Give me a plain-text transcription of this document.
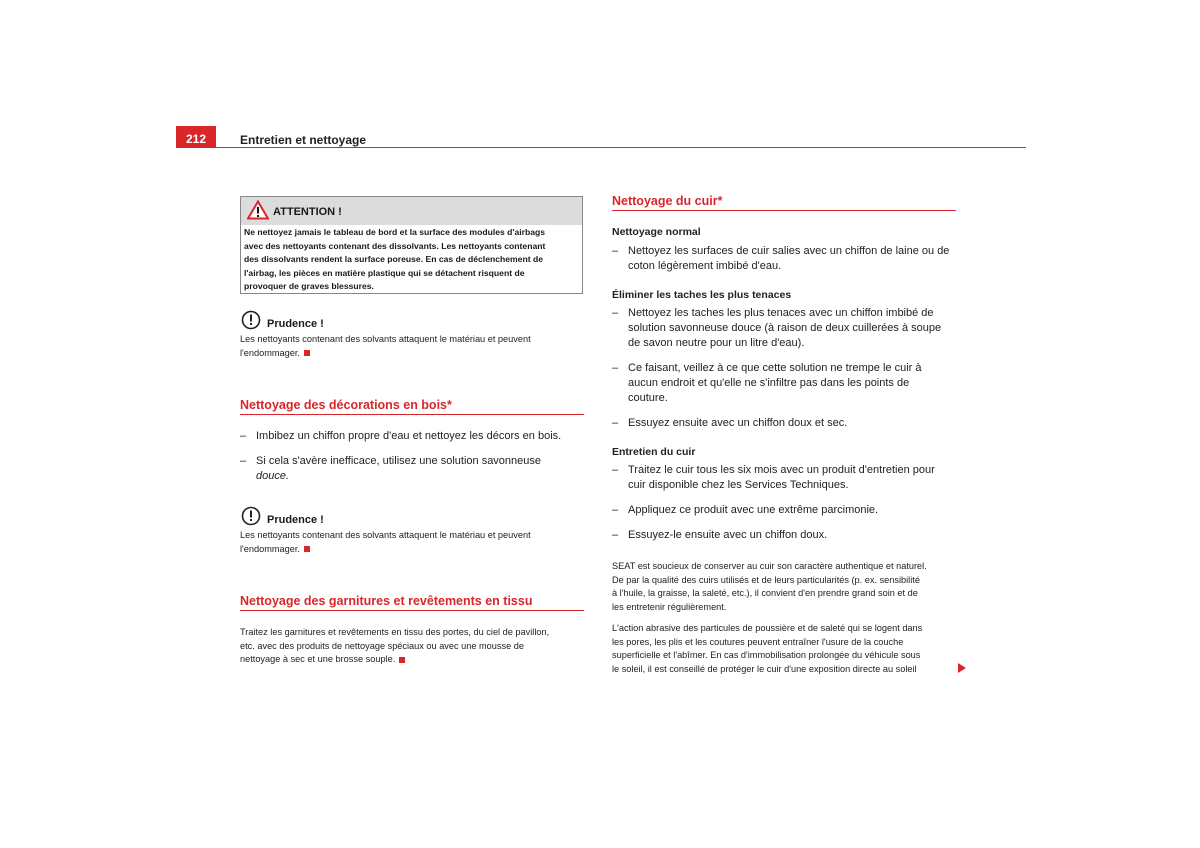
212	Entretien et nettoyage
ATTENTION !
Ne nettoyez jamais le tableau de bord et la surface des modules d'airbags
avec des nettoyants contenant des dissolvants. Les nettoyants contenant
des dissolvants rendent la surface poreuse. En cas de déclenchement de
l'airbag, les pièces en matière plastique qui se détachent risquent de
provoquer de graves blessures.
Prudence !
Les nettoyants contenant des solvants attaquent le matériau et peuvent
l'endommager.
Nettoyage des décorations en bois*
– Imbibez un chiffon propre d'eau et nettoyez les décors en bois.
– Si cela s'avère inefficace, utilisez une solution savonneuse
douce.
Prudence !
Les nettoyants contenant des solvants attaquent le matériau et peuvent
l'endommager.
Nettoyage des garnitures et revêtements en tissu
Traitez les garnitures et revêtements en tissu des portes, du ciel de pavillon,
etc. avec des produits de nettoyage spéciaux ou avec une mousse de
nettoyage à sec et une brosse souple.
Nettoyage du cuir*
Nettoyage normal
– Nettoyez les surfaces de cuir salies avec un chiffon de laine ou de
coton légèrement imbibé d'eau.
Éliminer les taches les plus tenaces
– Nettoyez les taches les plus tenaces avec un chiffon imbibé de
solution savonneuse douce (à raison de deux cuillerées à soupe
de savon neutre pour un litre d'eau).
– Ce faisant, veillez à ce que cette solution ne trempe le cuir à
aucun endroit et qu'elle ne s'infiltre pas dans les points de
couture.
– Essuyez ensuite avec un chiffon doux et sec.
Entretien du cuir
– Traitez le cuir tous les six mois avec un produit d'entretien pour
cuir disponible chez les Services Techniques.
– Appliquez ce produit avec une extrême parcimonie.
– Essuyez-le ensuite avec un chiffon doux.
SEAT est soucieux de conserver au cuir son caractère authentique et naturel.
De par la qualité des cuirs utilisés et de leurs particularités (p. ex. sensibilité
à l'huile, la graisse, la saleté, etc.), il convient d'en prendre grand soin et de
les entretenir régulièrement.
L'action abrasive des particules de poussière et de saleté qui se logent dans
les pores, les plis et les coutures peuvent entraîner l'usure de la couche
superficielle et l'abîmer. En cas d'immobilisation prolongée du véhicule sous
le soleil, il est conseillé de protéger le cuir d'une exposition directe au soleil
